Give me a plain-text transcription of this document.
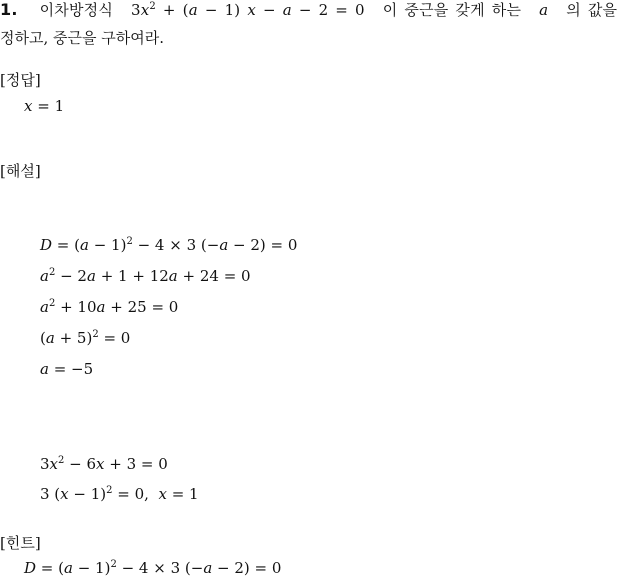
1. 이차방정식 $3x^2 + (a - 1) x - a - 2 = 0$ 이 중근을 갖게 하는 a 의 값을
정하고, 중근을 구하여라.
[정답]
x = 1
[해설]
$D = (a - 1)^2 - 4 \times 3$ (−a − 2) = 0
$a^2 - 2a + 1 + 12a + 24 = 0$
$a^2 + 10a + 25 = 0$
$(a + 5)^2 = 0$
a = −5
$3x^2 - 6x + 3 = 0$
3 $(x - 1)^2 = 0$,  x = 1
[힌트]
$D = (a - 1)^2 - 4 \times 3$ (−a − 2) = 0
